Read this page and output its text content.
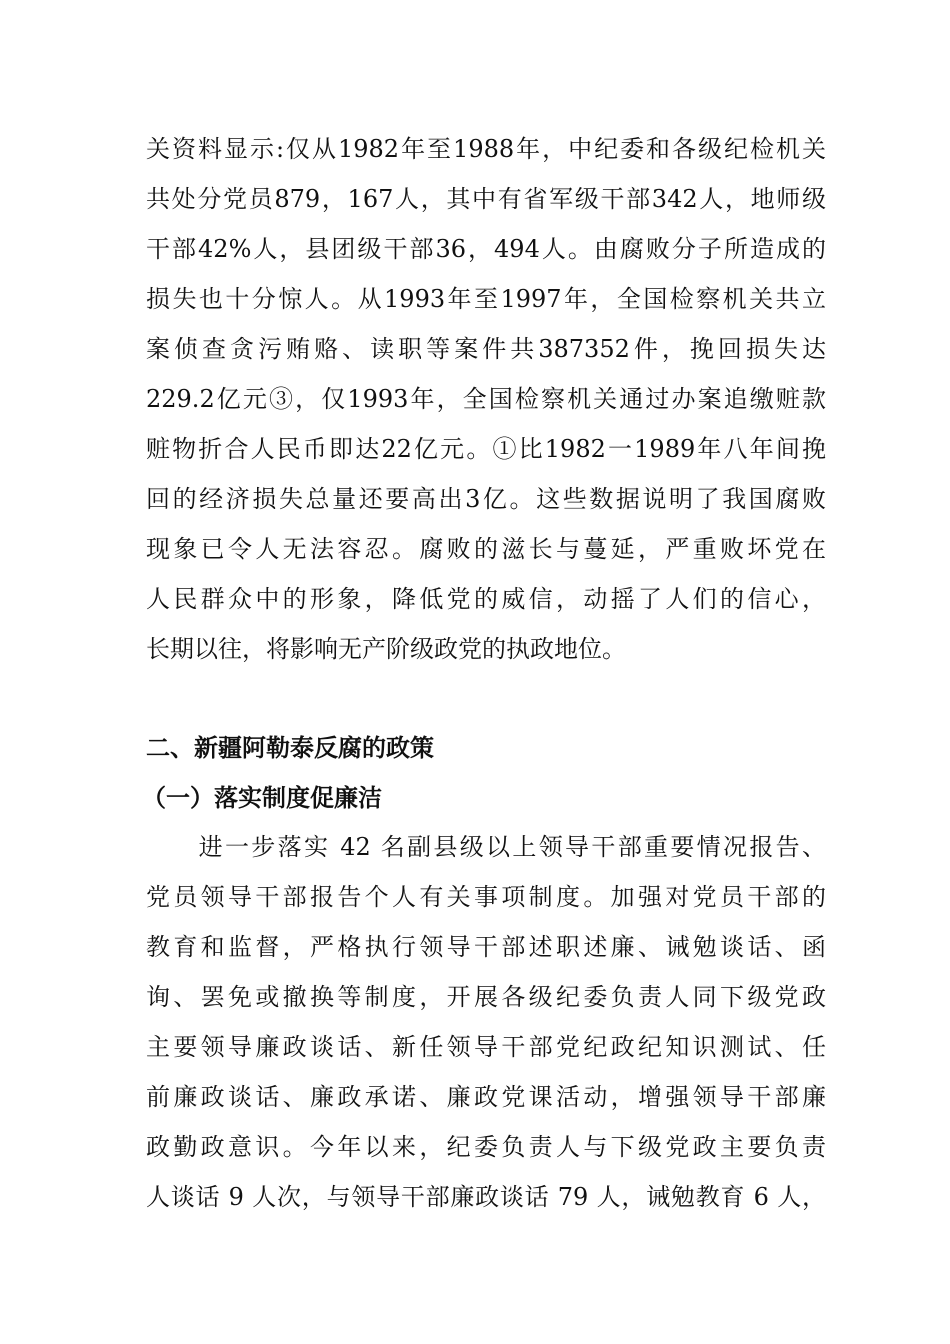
关资料显示:仅从1982年至1988年，中纪委和各级纪检机关
共处分党员879，167人，其中有省军级干部342人，地师级
干部42%人，县团级干部36，494人。由腐败分子所造成的
损失也十分惊人。从1993年至1997年，全国检察机关共立
案侦查贪污贿赂、读职等案件共387352件，挽回损失达
229.2亿元③，仅1993年，全国检察机关通过办案追缴赃款
赃物折合人民币即达22亿元。①比1982一1989年八年间挽
回的经济损失总量还要高出3亿。这些数据说明了我国腐败
现象已令人无法容忍。腐败的滋长与蔓延，严重败坏党在
人民群众中的形象，降低党的威信，动摇了人们的信心，
长期以往，将影响无产阶级政党的执政地位。
二、新疆阿勒泰反腐的政策
（一）落实制度促廉洁
　　进一步落实 42 名副县级以上领导干部重要情况报告、
党员领导干部报告个人有关事项制度。加强对党员干部的
教育和监督，严格执行领导干部述职述廉、诫勉谈话、函
询、罢免或撤换等制度，开展各级纪委负责人同下级党政
主要领导廉政谈话、新任领导干部党纪政纪知识测试、任
前廉政谈话、廉政承诺、廉政党课活动，增强领导干部廉
政勤政意识。今年以来，纪委负责人与下级党政主要负责
人谈话 9 人次，与领导干部廉政谈话 79 人，诫勉教育 6 人，
